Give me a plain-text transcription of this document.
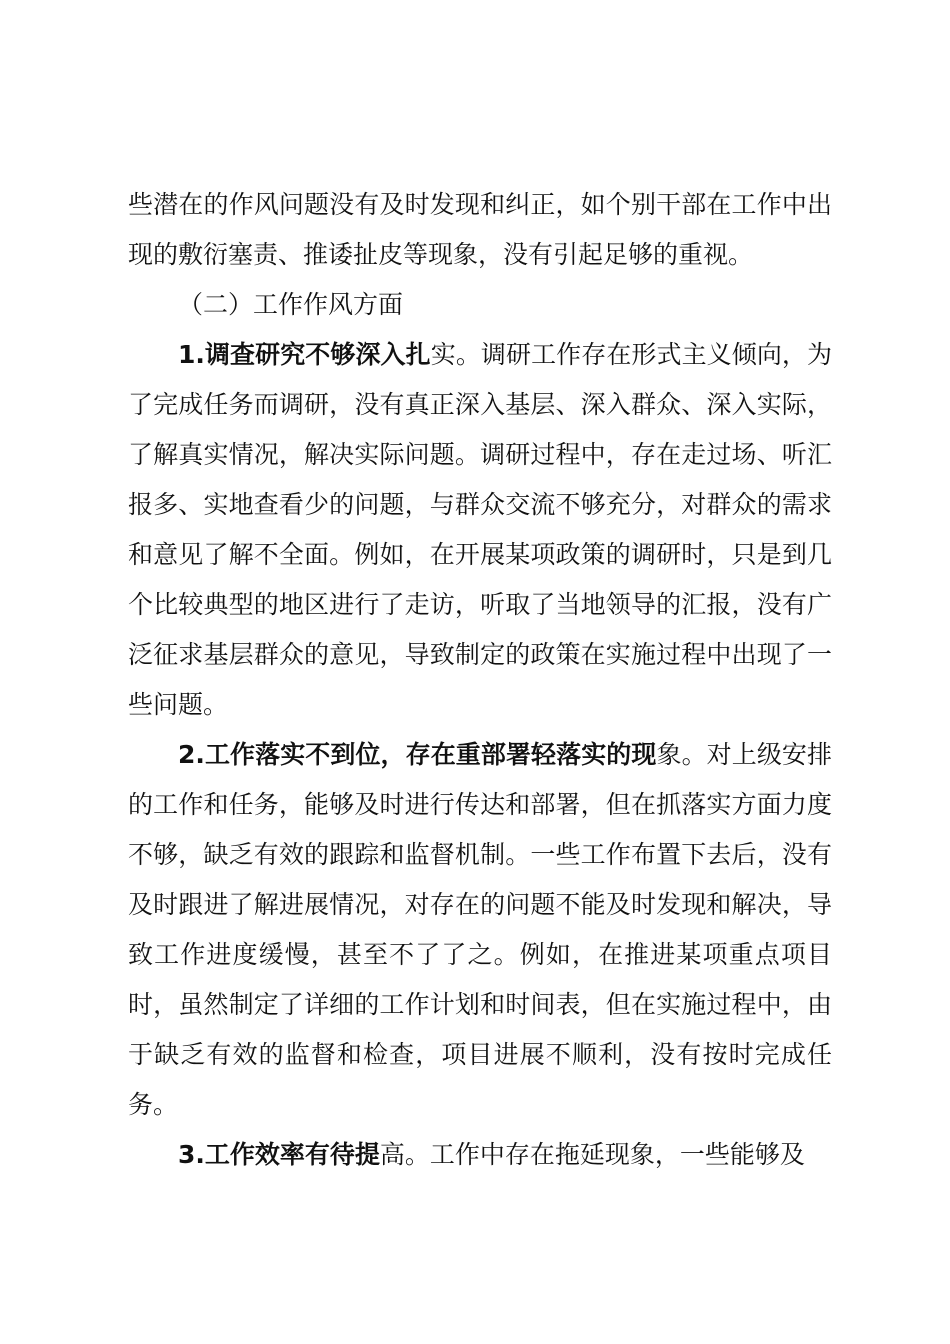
些潜在的作风问题没有及时发现和纠正，如个别干部在工作中出现的敷衍塞责、推诿扯皮等现象，没有引起足够的重视。

（二）工作作风方面

1.调查研究不够深入扎实。调研工作存在形式主义倾向，为了完成任务而调研，没有真正深入基层、深入群众、深入实际，了解真实情况，解决实际问题。调研过程中，存在走过场、听汇报多、实地查看少的问题，与群众交流不够充分，对群众的需求和意见了解不全面。例如，在开展某项政策的调研时，只是到几个比较典型的地区进行了走访，听取了当地领导的汇报，没有广泛征求基层群众的意见，导致制定的政策在实施过程中出现了一些问题。

2.工作落实不到位，存在重部署轻落实的现象。对上级安排的工作和任务，能够及时进行传达和部署，但在抓落实方面力度不够，缺乏有效的跟踪和监督机制。一些工作布置下去后，没有及时跟进了解进展情况，对存在的问题不能及时发现和解决，导致工作进度缓慢，甚至不了了之。例如，在推进某项重点项目时，虽然制定了详细的工作计划和时间表，但在实施过程中，由于缺乏有效的监督和检查，项目进展不顺利，没有按时完成任务。

3.工作效率有待提高。工作中存在拖延现象，一些能够及
